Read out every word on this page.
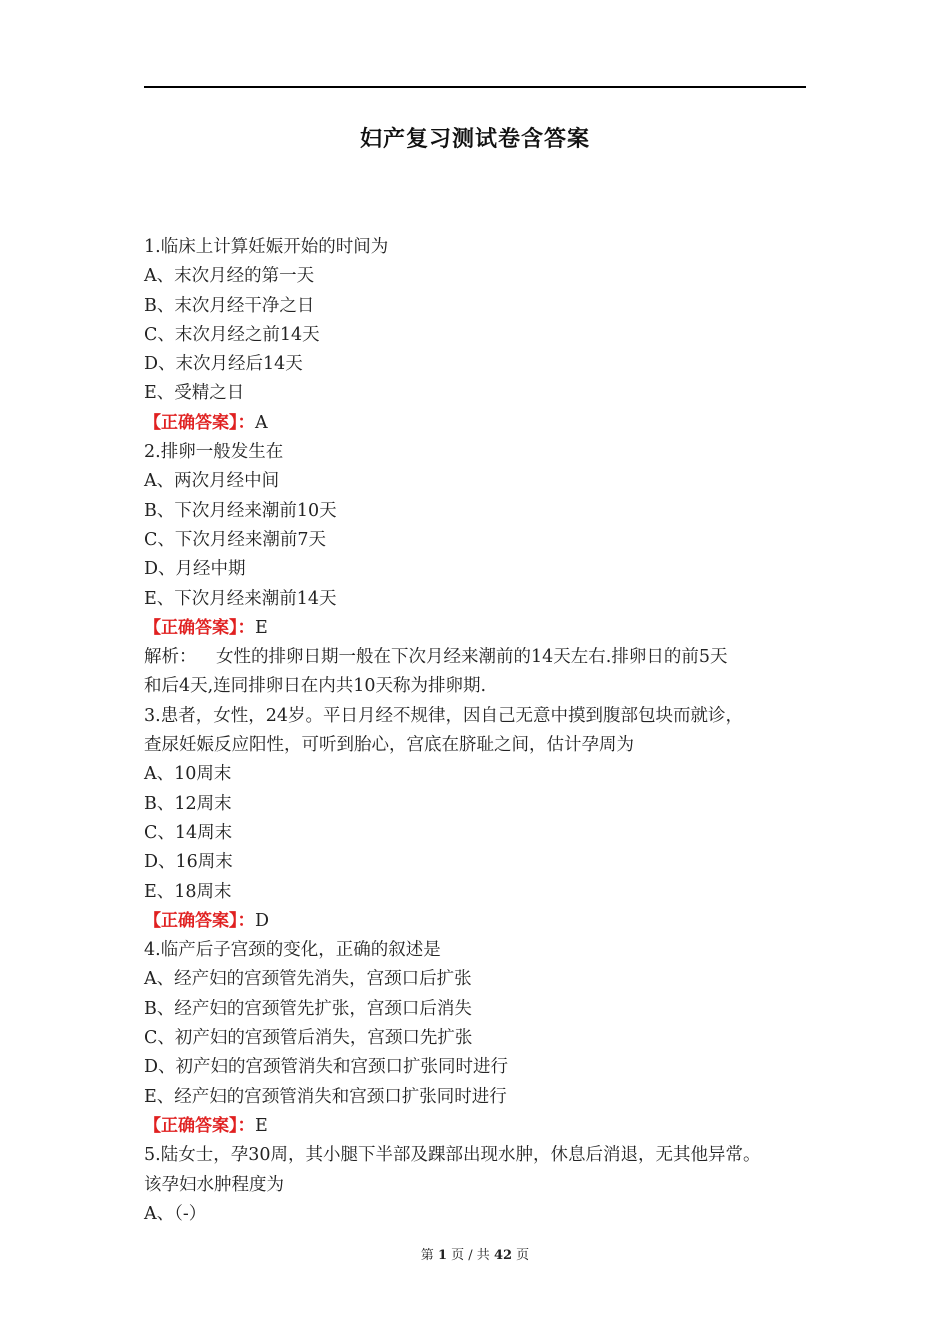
妇产复习测试卷含答案
1.临床上计算妊娠开始的时间为
A、末次月经的第一天
B、末次月经干净之日
C、末次月经之前14天
D、末次月经后14天
E、受精之日
【正确答案】：A
2.排卵一般发生在
A、两次月经中间
B、下次月经来潮前10天
C、下次月经来潮前7天
D、月经中期
E、下次月经来潮前14天
【正确答案】：E
解析： 女性的排卵日期一般在下次月经来潮前的14天左右.排卵日的前5天
和后4天,连同排卵日在内共10天称为排卵期.
3.患者，女性，24岁。平日月经不规律，因自己无意中摸到腹部包块而就诊，
查尿妊娠反应阳性，可听到胎心，宫底在脐耻之间，估计孕周为
A、10周末
B、12周末
C、14周末
D、16周末
E、18周末
【正确答案】：D
4.临产后子宫颈的变化，正确的叙述是
A、经产妇的宫颈管先消失，宫颈口后扩张
B、经产妇的宫颈管先扩张，宫颈口后消失
C、初产妇的宫颈管后消失，宫颈口先扩张
D、初产妇的宫颈管消失和宫颈口扩张同时进行
E、经产妇的宫颈管消失和宫颈口扩张同时进行
【正确答案】：E
5.陆女士，孕30周，其小腿下半部及踝部出现水肿，休息后消退，无其他异常。
该孕妇水肿程度为
A、（-）
第 1 页 / 共 42 页
